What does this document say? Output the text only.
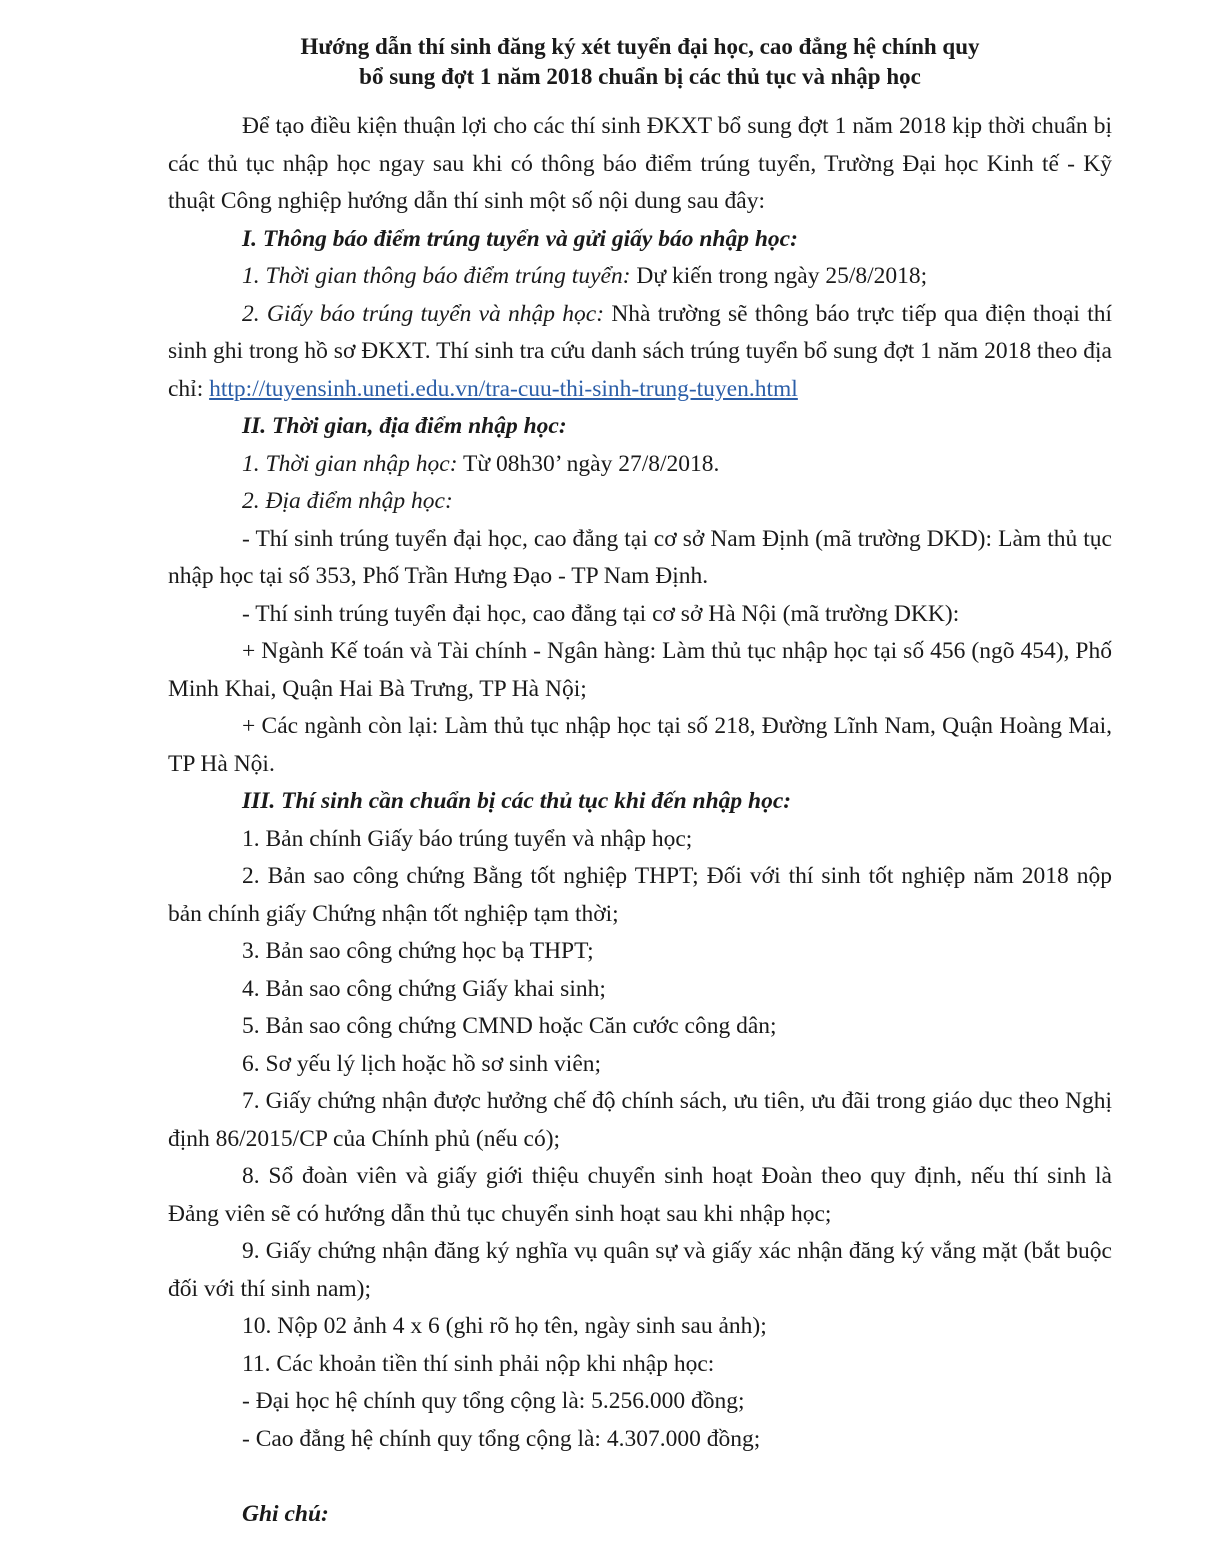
Hướng dẫn thí sinh đăng ký xét tuyển đại học, cao đẳng hệ chính quy
bổ sung đợt 1 năm 2018 chuẩn bị các thủ tục và nhập học

Để tạo điều kiện thuận lợi cho các thí sinh ĐKXT bổ sung đợt 1 năm 2018 kịp thời chuẩn bị các thủ tục nhập học ngay sau khi có thông báo điểm trúng tuyển, Trường Đại học Kinh tế - Kỹ thuật Công nghiệp hướng dẫn thí sinh một số nội dung sau đây:

I. Thông báo điểm trúng tuyển và gửi giấy báo nhập học:

1. Thời gian thông báo điểm trúng tuyển: Dự kiến trong ngày 25/8/2018;

2. Giấy báo trúng tuyển và nhập học: Nhà trường sẽ thông báo trực tiếp qua điện thoại thí sinh ghi trong hồ sơ ĐKXT. Thí sinh tra cứu danh sách trúng tuyển bổ sung đợt 1 năm 2018 theo địa chỉ: http://tuyensinh.uneti.edu.vn/tra-cuu-thi-sinh-trung-tuyen.html

II. Thời gian, địa điểm nhập học:

1. Thời gian nhập học: Từ 08h30’ ngày 27/8/2018.

2. Địa điểm nhập học:

- Thí sinh trúng tuyển đại học, cao đẳng tại cơ sở Nam Định (mã trường DKD): Làm thủ tục nhập học tại số 353, Phố Trần Hưng Đạo - TP Nam Định.

- Thí sinh trúng tuyển đại học, cao đẳng tại cơ sở Hà Nội (mã trường DKK):

+ Ngành Kế toán và Tài chính - Ngân hàng: Làm thủ tục nhập học tại số 456 (ngõ 454), Phố Minh Khai, Quận Hai Bà Trưng, TP Hà Nội;

+ Các ngành còn lại: Làm thủ tục nhập học tại số 218, Đường Lĩnh Nam, Quận Hoàng Mai, TP Hà Nội.

III. Thí sinh cần chuẩn bị các thủ tục khi đến nhập học:

1. Bản chính Giấy báo trúng tuyển và nhập học;

2. Bản sao công chứng Bằng tốt nghiệp THPT; Đối với thí sinh tốt nghiệp năm 2018 nộp bản chính giấy Chứng nhận tốt nghiệp tạm thời;

3. Bản sao công chứng học bạ THPT;

4. Bản sao công chứng Giấy khai sinh;

5. Bản sao công chứng CMND hoặc Căn cước công dân;

6. Sơ yếu lý lịch hoặc hồ sơ sinh viên;

7. Giấy chứng nhận được hưởng chế độ chính sách, ưu tiên, ưu đãi trong giáo dục theo Nghị định 86/2015/CP của Chính phủ (nếu có);

8. Sổ đoàn viên và giấy giới thiệu chuyển sinh hoạt Đoàn theo quy định, nếu thí sinh là Đảng viên sẽ có hướng dẫn thủ tục chuyển sinh hoạt sau khi nhập học;

9. Giấy chứng nhận đăng ký nghĩa vụ quân sự và giấy xác nhận đăng ký vắng mặt (bắt buộc đối với thí sinh nam);

10. Nộp 02 ảnh 4 x 6 (ghi rõ họ tên, ngày sinh sau ảnh);

11. Các khoản tiền thí sinh phải nộp khi nhập học:

- Đại học hệ chính quy tổng cộng là: 5.256.000 đồng;

- Cao đẳng hệ chính quy tổng cộng là: 4.307.000 đồng;

Ghi chú:
